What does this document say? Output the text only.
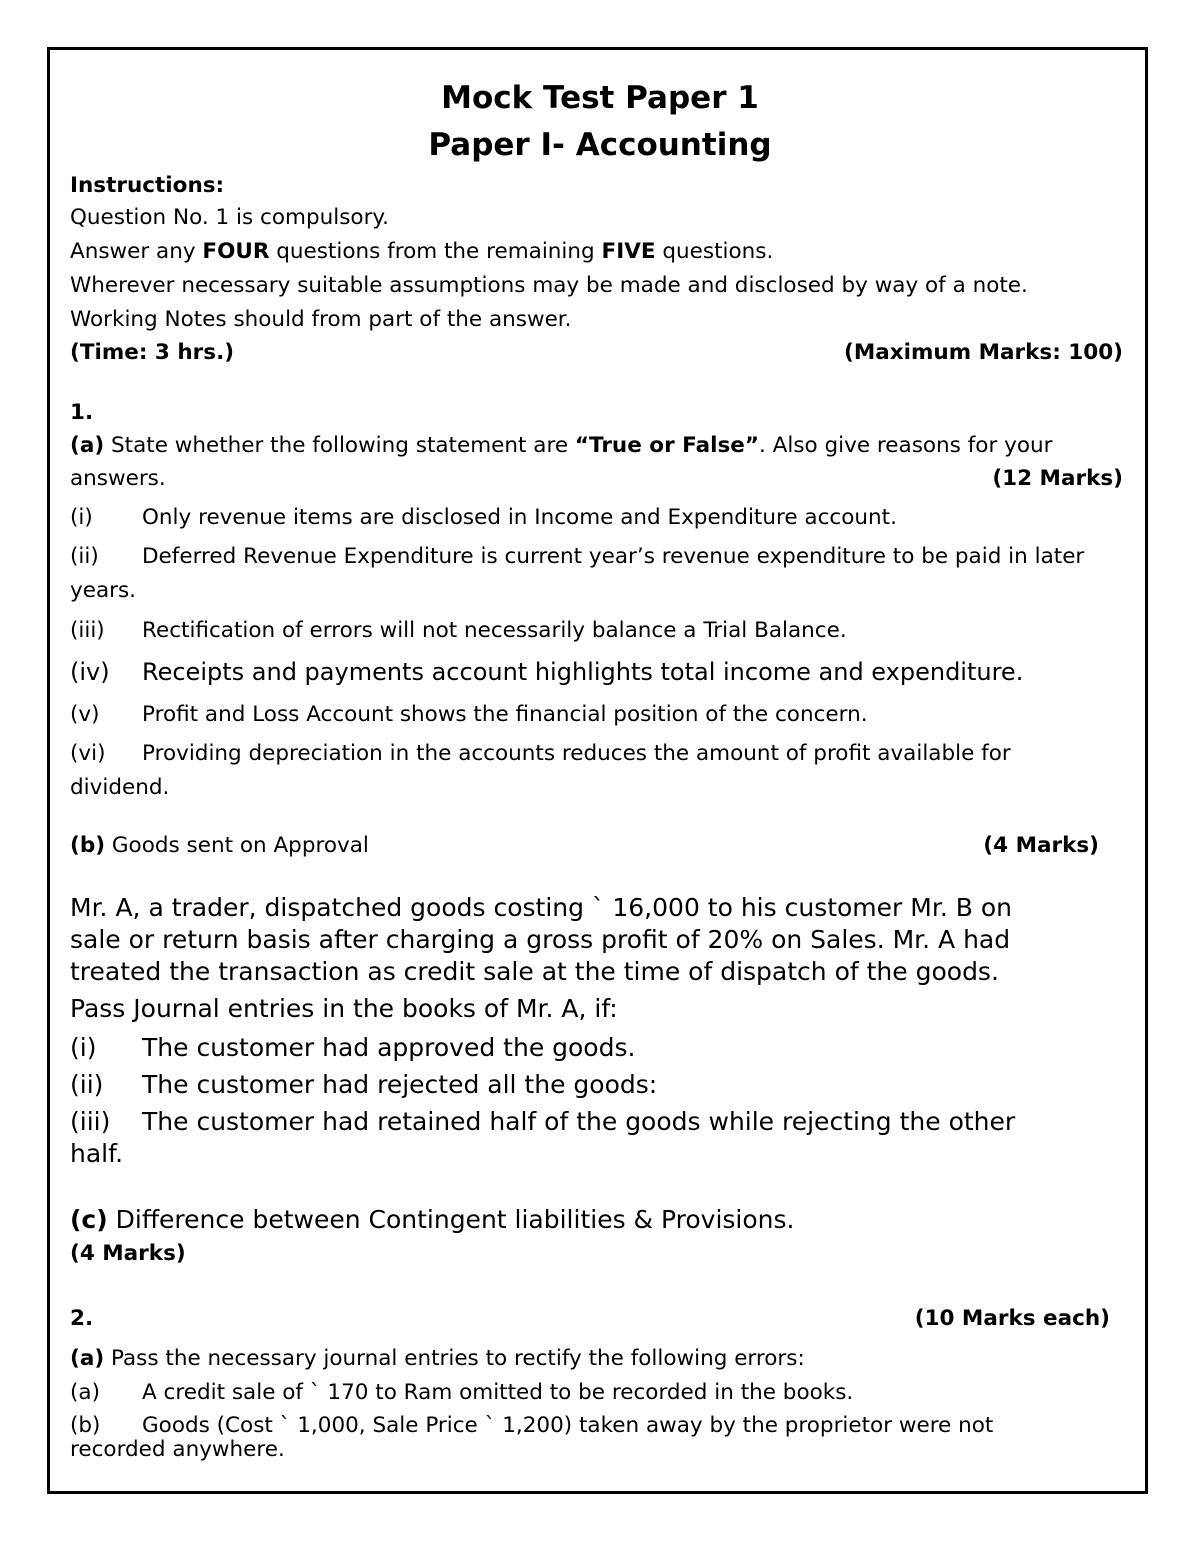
Mock Test Paper 1
Paper I- Accounting
Instructions:
Question No. 1 is compulsory.
Answer any FOUR questions from the remaining FIVE questions.
Wherever necessary suitable assumptions may be made and disclosed by way of a note.
Working Notes should from part of the answer.
(Time: 3 hrs.)	(Maximum Marks: 100)
1.
(a) State whether the following statement are “True or False”. Also give reasons for your
answers.	(12 Marks)
(i) Only revenue items are disclosed in Income and Expenditure account.
(ii) Deferred Revenue Expenditure is current year’s revenue expenditure to be paid in later
years.
(iii) Rectification of errors will not necessarily balance a Trial Balance.
(iv) Receipts and payments account highlights total income and expenditure.
(v) Profit and Loss Account shows the financial position of the concern.
(vi) Providing depreciation in the accounts reduces the amount of profit available for
dividend.
(b) Goods sent on Approval	(4 Marks)
Mr. A, a trader, dispatched goods costing ` 16,000 to his customer Mr. B on
sale or return basis after charging a gross profit of 20% on Sales. Mr. A had
treated the transaction as credit sale at the time of dispatch of the goods.
Pass Journal entries in the books of Mr. A, if:
(i) The customer had approved the goods.
(ii) The customer had rejected all the goods:
(iii) The customer had retained half of the goods while rejecting the other
half.
(c) Difference between Contingent liabilities & Provisions.
(4 Marks)
2.	(10 Marks each)
(a) Pass the necessary journal entries to rectify the following errors:
(a) A credit sale of ` 170 to Ram omitted to be recorded in the books.
(b) Goods (Cost ` 1,000, Sale Price ` 1,200) taken away by the proprietor were not
recorded anywhere.
